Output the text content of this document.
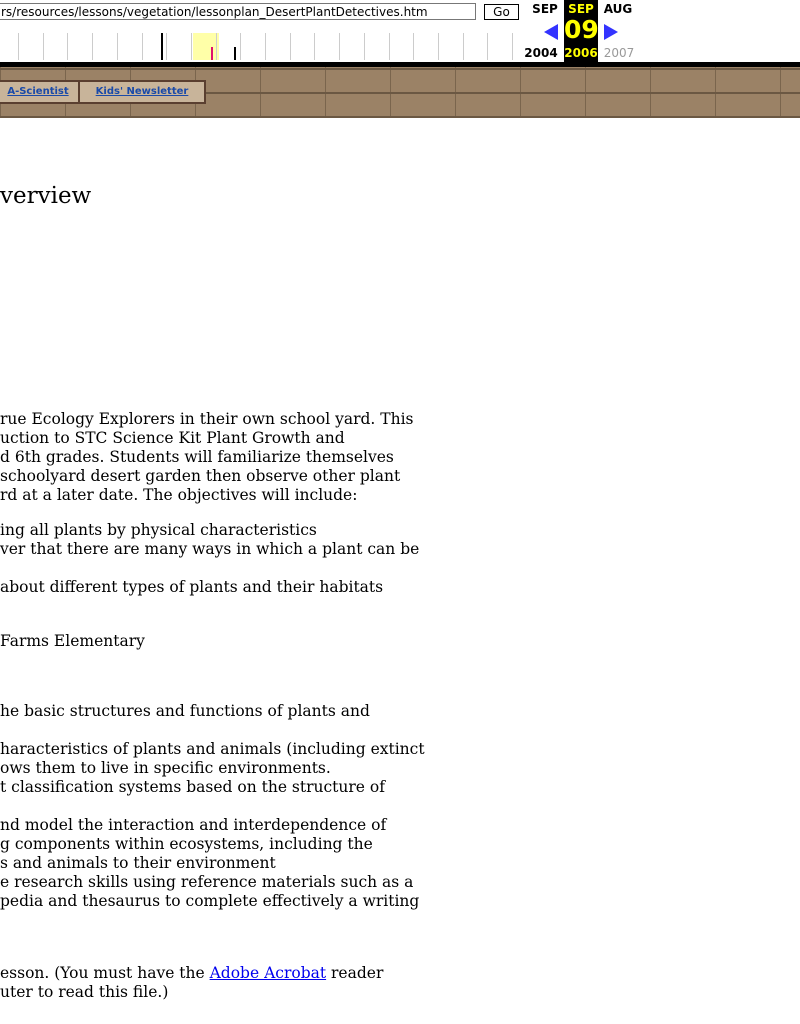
rs/resources/lessons/vegetation/lessonplan_DesertPlantDetectives.htm	Go	SEP
2004
SEP
09
2006
AUG
2007
A-Scientist	Kids' Newsletter
verview
rue Ecology Explorers in their own school yard. This
uction to STC Science Kit Plant Growth and
d 6th grades. Students will familiarize themselves
schoolyard desert garden then observe other plant
rd at a later date. The objectives will include:
ing all plants by physical characteristics
ver that there are many ways in which a plant can be
about different types of plants and their habitats
Farms Elementary
he basic structures and functions of plants and
haracteristics of plants and animals (including extinct
ows them to live in specific environments.
t classification systems based on the structure of
nd model the interaction and interdependence of
g components within ecosystems, including the
s and animals to their environment
e research skills using reference materials such as a
pedia and thesaurus to complete effectively a writing
esson. (You must have the Adobe Acrobat reader
uter to read this file.)
